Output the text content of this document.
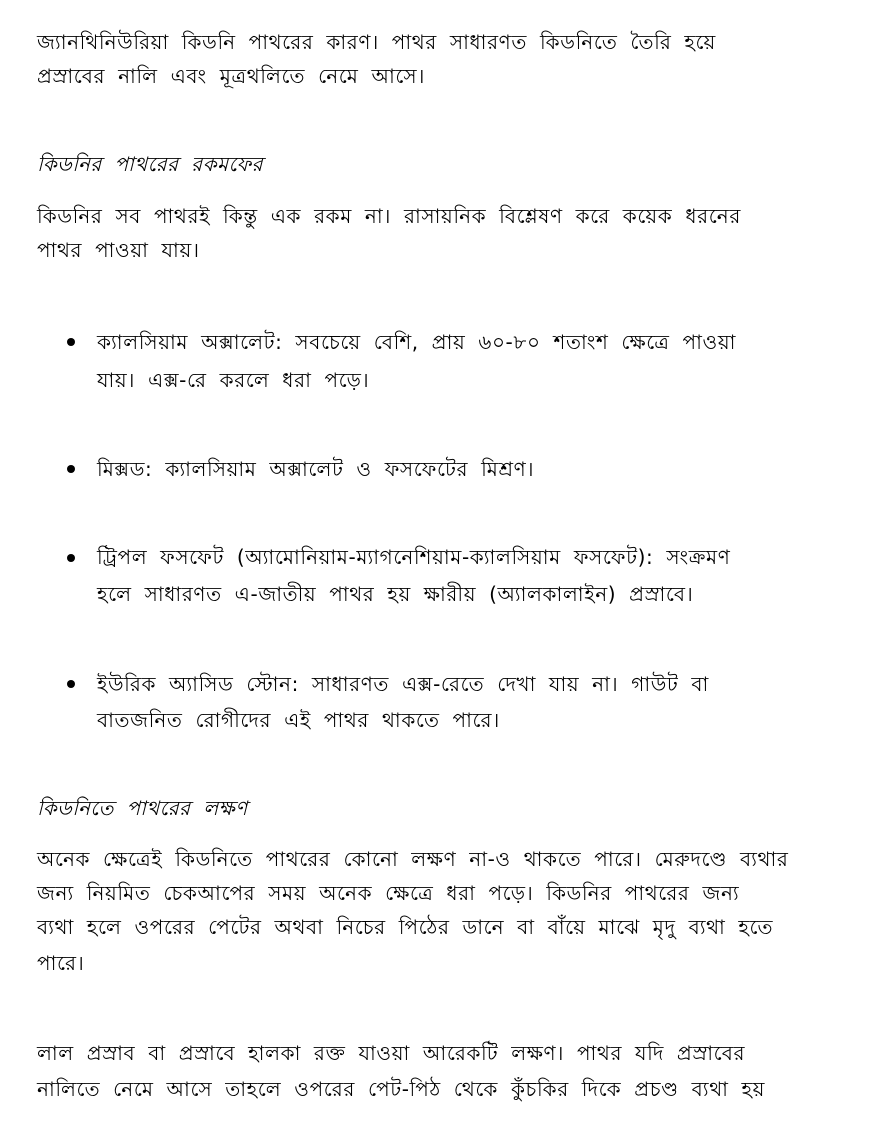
জ্যানথিনিউরিয়া কিডনি পাথরের কারণ। পাথর সাধারণত কিডনিতে তৈরি হয়ে
প্রস্রাবের নালি এবং মূত্রথলিতে নেমে আসে।
কিডনির পাথরের রকমফের
কিডনির সব পাথরই কিন্তু এক রকম না। রাসায়নিক বিশ্লেষণ করে কয়েক ধরনের
পাথর পাওয়া যায়।
ক্যালসিয়াম অক্সালেট: সবচেয়ে বেশি, প্রায় ৬০-৮০ শতাংশ ক্ষেত্রে পাওয়া
যায়। এক্স-রে করলে ধরা পড়ে।
মিক্সড: ক্যালসিয়াম অক্সালেট ও ফসফেটের মিশ্রণ।
ট্রিপল ফসফেট (অ্যামোনিয়াম-ম্যাগনেশিয়াম-ক্যালসিয়াম ফসফেট): সংক্রমণ
হলে সাধারণত এ-জাতীয় পাথর হয় ক্ষারীয় (অ্যালকালাইন) প্রস্রাবে।
ইউরিক অ্যাসিড স্টোন: সাধারণত এক্স-রেতে দেখা যায় না। গাউট বা
বাতজনিত রোগীদের এই পাথর থাকতে পারে।
কিডনিতে পাথরের লক্ষণ
অনেক ক্ষেত্রেই কিডনিতে পাথরের কোনো লক্ষণ না-ও থাকতে পারে। মেরুদণ্ডে ব্যথার
জন্য নিয়মিত চেকআপের সময় অনেক ক্ষেত্রে ধরা পড়ে। কিডনির পাথরের জন্য
ব্যথা হলে ওপরের পেটের অথবা নিচের পিঠের ডানে বা বাঁয়ে মাঝে মৃদু ব্যথা হতে
পারে।
লাল প্রস্রাব বা প্রস্রাবে হালকা রক্ত যাওয়া আরেকটি লক্ষণ। পাথর যদি প্রস্রাবের
নালিতে নেমে আসে তাহলে ওপরের পেট-পিঠ থেকে কুঁচকির দিকে প্রচণ্ড ব্যথা হয়
